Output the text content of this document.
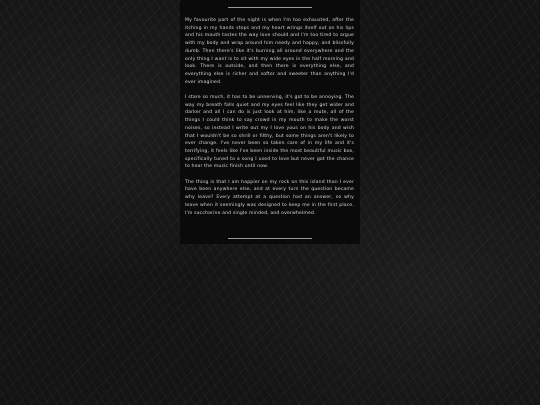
My favourite part of the night is when I'm too exhausted, after the itching in my hands stops and my heart wrings itself out on his lips and his mouth tastes the way love should and I'm too tired to argue with my body and wrap around him needy and happy, and blissfully dumb. Then there's like it's burning all around everywhere and the only thing I want is to sit with my wide eyes in the half morning and look. There is outside, and then there is everything else, and everything else is richer and softer and sweeter than anything I'd ever imagined.

I stare so much, it has to be unnerving, it's got to be annoying. The way my breath falls quiet and my eyes feel like they get wider and darker and all I can do is just look at him, like a mute, all of the things I could think to say crowd in my mouth to make the worst noises, so instead I write out my I love yous on his body and wish that I wouldn't be so shrill or filthy, but some things aren't likely to ever change. I've never been so taken care of in my life and it's terrifying, it feels like I've been inside the most beautiful music box, specifically tuned to a song I used to love but never got the chance to hear the music finish until now.

The thing is that I am happier on my rock on this island than I ever have been anywhere else, and at every turn the question became why leave? Every attempt at a question had an answer, so why leave when it seemingly was designed to keep me in the first place. I'm saccharine and single minded, and overwhelmed.
